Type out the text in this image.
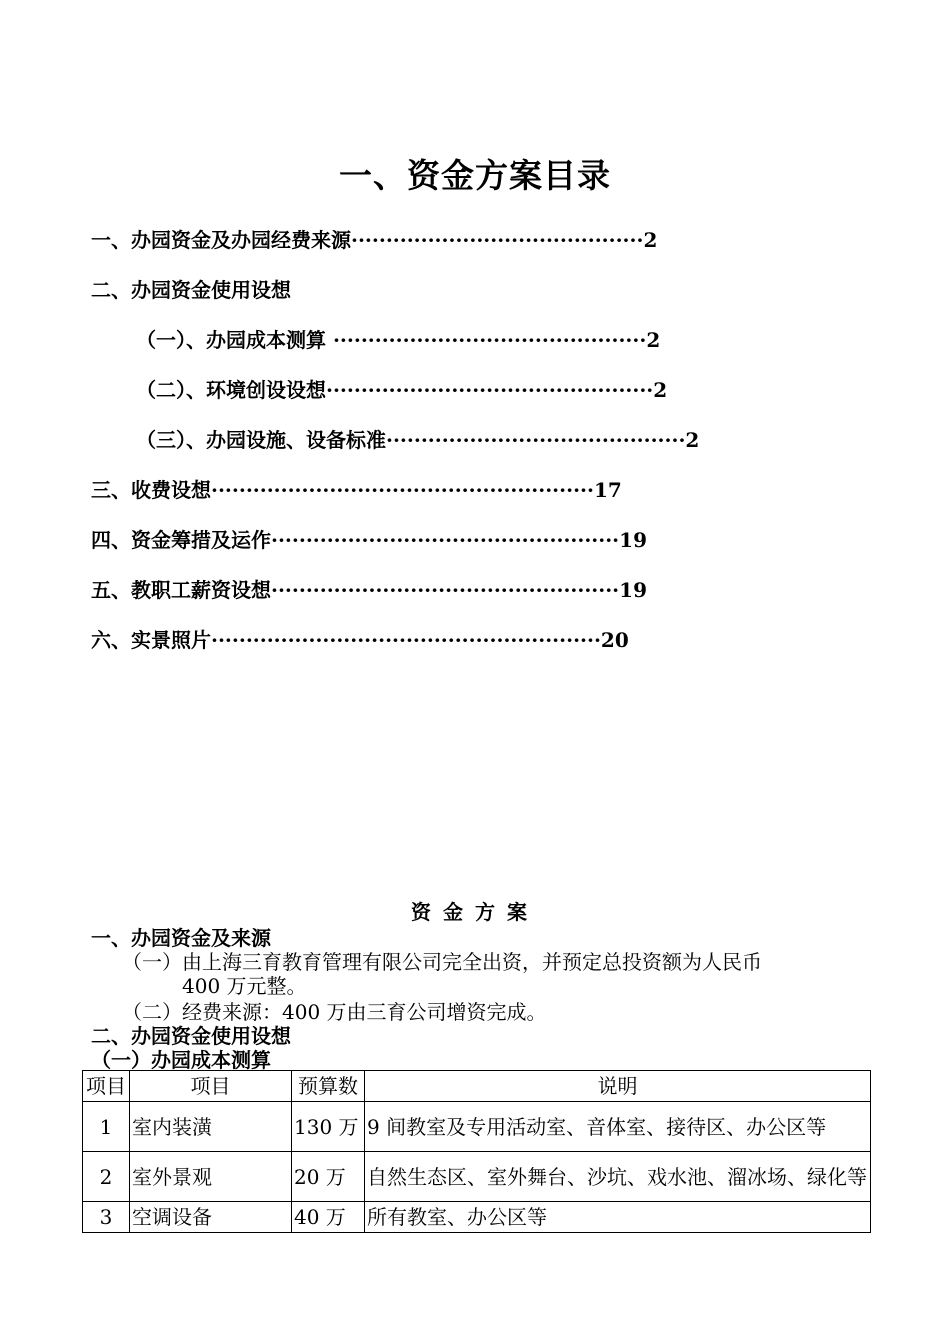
一、资金方案目录
一、办园资金及办园经费来源··········································2
二、办园资金使用设想
（一）、办园成本测算 ·············································2
（二）、环境创设设想···············································2
（三）、办园设施、设备标准···········································2
三、收费设想·······················································17
四、资金筹措及运作··················································19
五、教职工薪资设想··················································19
六、实景照片························································20
资金方案
一、办园资金及来源
（一）由上海三育教育管理有限公司完全出资，并预定总投资额为人民币
400 万元整。
（二）经费来源：400 万由三育公司增资完成。
二、办园资金使用设想
（一）办园成本测算
项目	项目	预算数	说明
1	室内装潢	130 万	9 间教室及专用活动室、音体室、接待区、办公区等
2	室外景观	20 万	自然生态区、室外舞台、沙坑、戏水池、溜冰场、绿化等
3	空调设备	40 万	所有教室、办公区等
